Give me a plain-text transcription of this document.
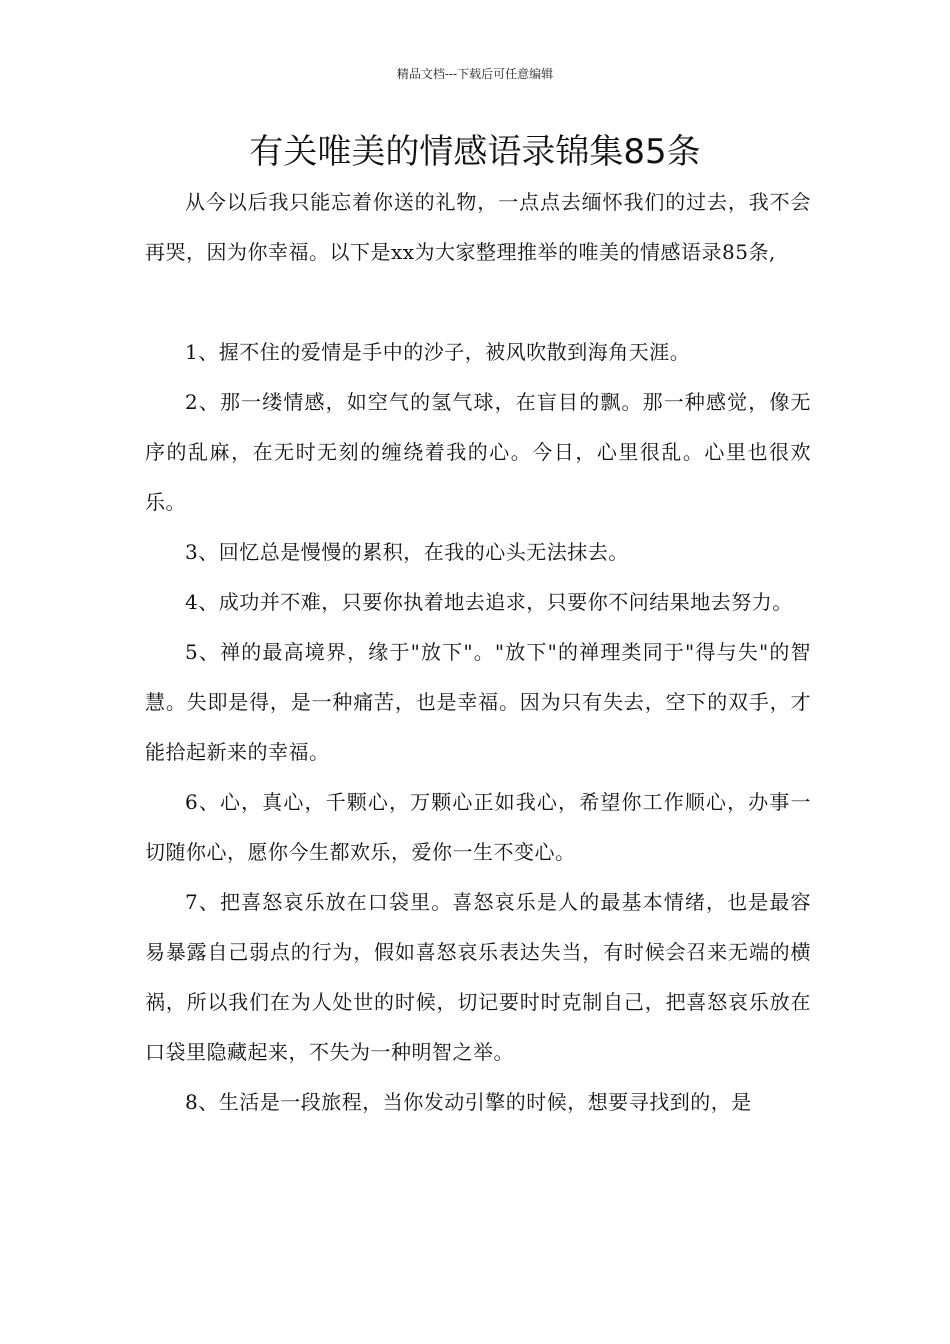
精品文档---下载后可任意编辑
有关唯美的情感语录锦集85条

从今以后我只能忘着你送的礼物，一点点去缅怀我们的过去，我不会再哭，因为你幸福。以下是xx为大家整理推举的唯美的情感语录85条,

1、握不住的爱情是手中的沙子，被风吹散到海角天涯。

2、那一缕情感，如空气的氢气球，在盲目的飘。那一种感觉，像无序的乱麻，在无时无刻的缠绕着我的心。今日，心里很乱。心里也很欢乐。

3、回忆总是慢慢的累积，在我的心头无法抹去。

4、成功并不难，只要你执着地去追求，只要你不问结果地去努力。

5、禅的最高境界，缘于"放下"。"放下"的禅理类同于"得与失"的智慧。失即是得，是一种痛苦，也是幸福。因为只有失去，空下的双手，才能拾起新来的幸福。

6、心，真心，千颗心，万颗心正如我心，希望你工作顺心，办事一切随你心，愿你今生都欢乐，爱你一生不变心。

7、把喜怒哀乐放在口袋里。喜怒哀乐是人的最基本情绪，也是最容易暴露自己弱点的行为，假如喜怒哀乐表达失当，有时候会召来无端的横祸，所以我们在为人处世的时候，切记要时时克制自己，把喜怒哀乐放在口袋里隐藏起来，不失为一种明智之举。

8、生活是一段旅程，当你发动引擎的时候，想要寻找到的，是
